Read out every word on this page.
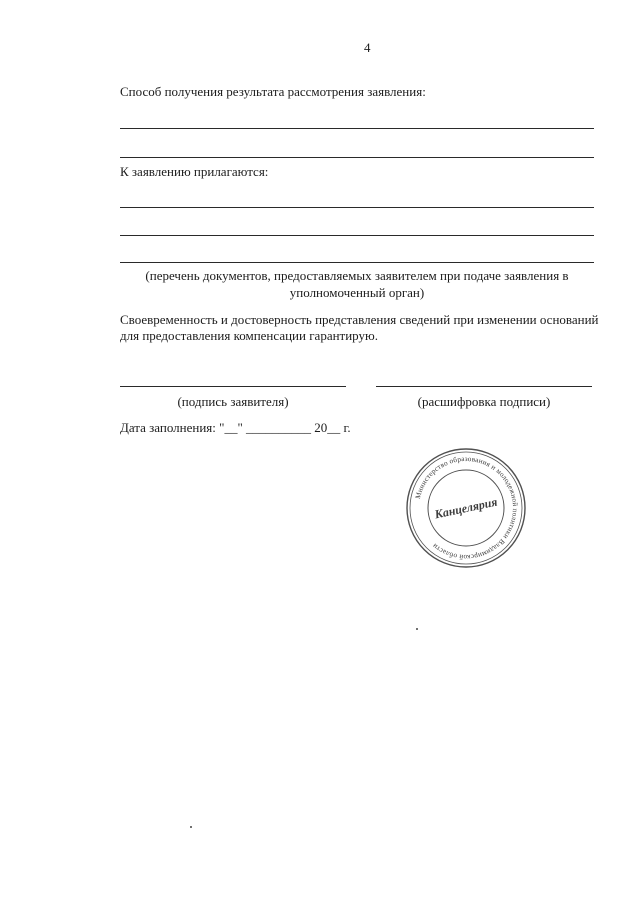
4
Способ получения результата рассмотрения заявления:
К заявлению прилагаются:
(перечень документов, предоставляемых заявителем при подаче заявления в
уполномоченный орган)
Своевременность и достоверность представления сведений при изменении оснований
для предоставления компенсации гарантирую.
(подпись заявителя)	(расшифровка подписи)
Дата заполнения: "__" __________ 20__ г.
Министерство образования и молодежной политики Владимирской области
Канцелярия
